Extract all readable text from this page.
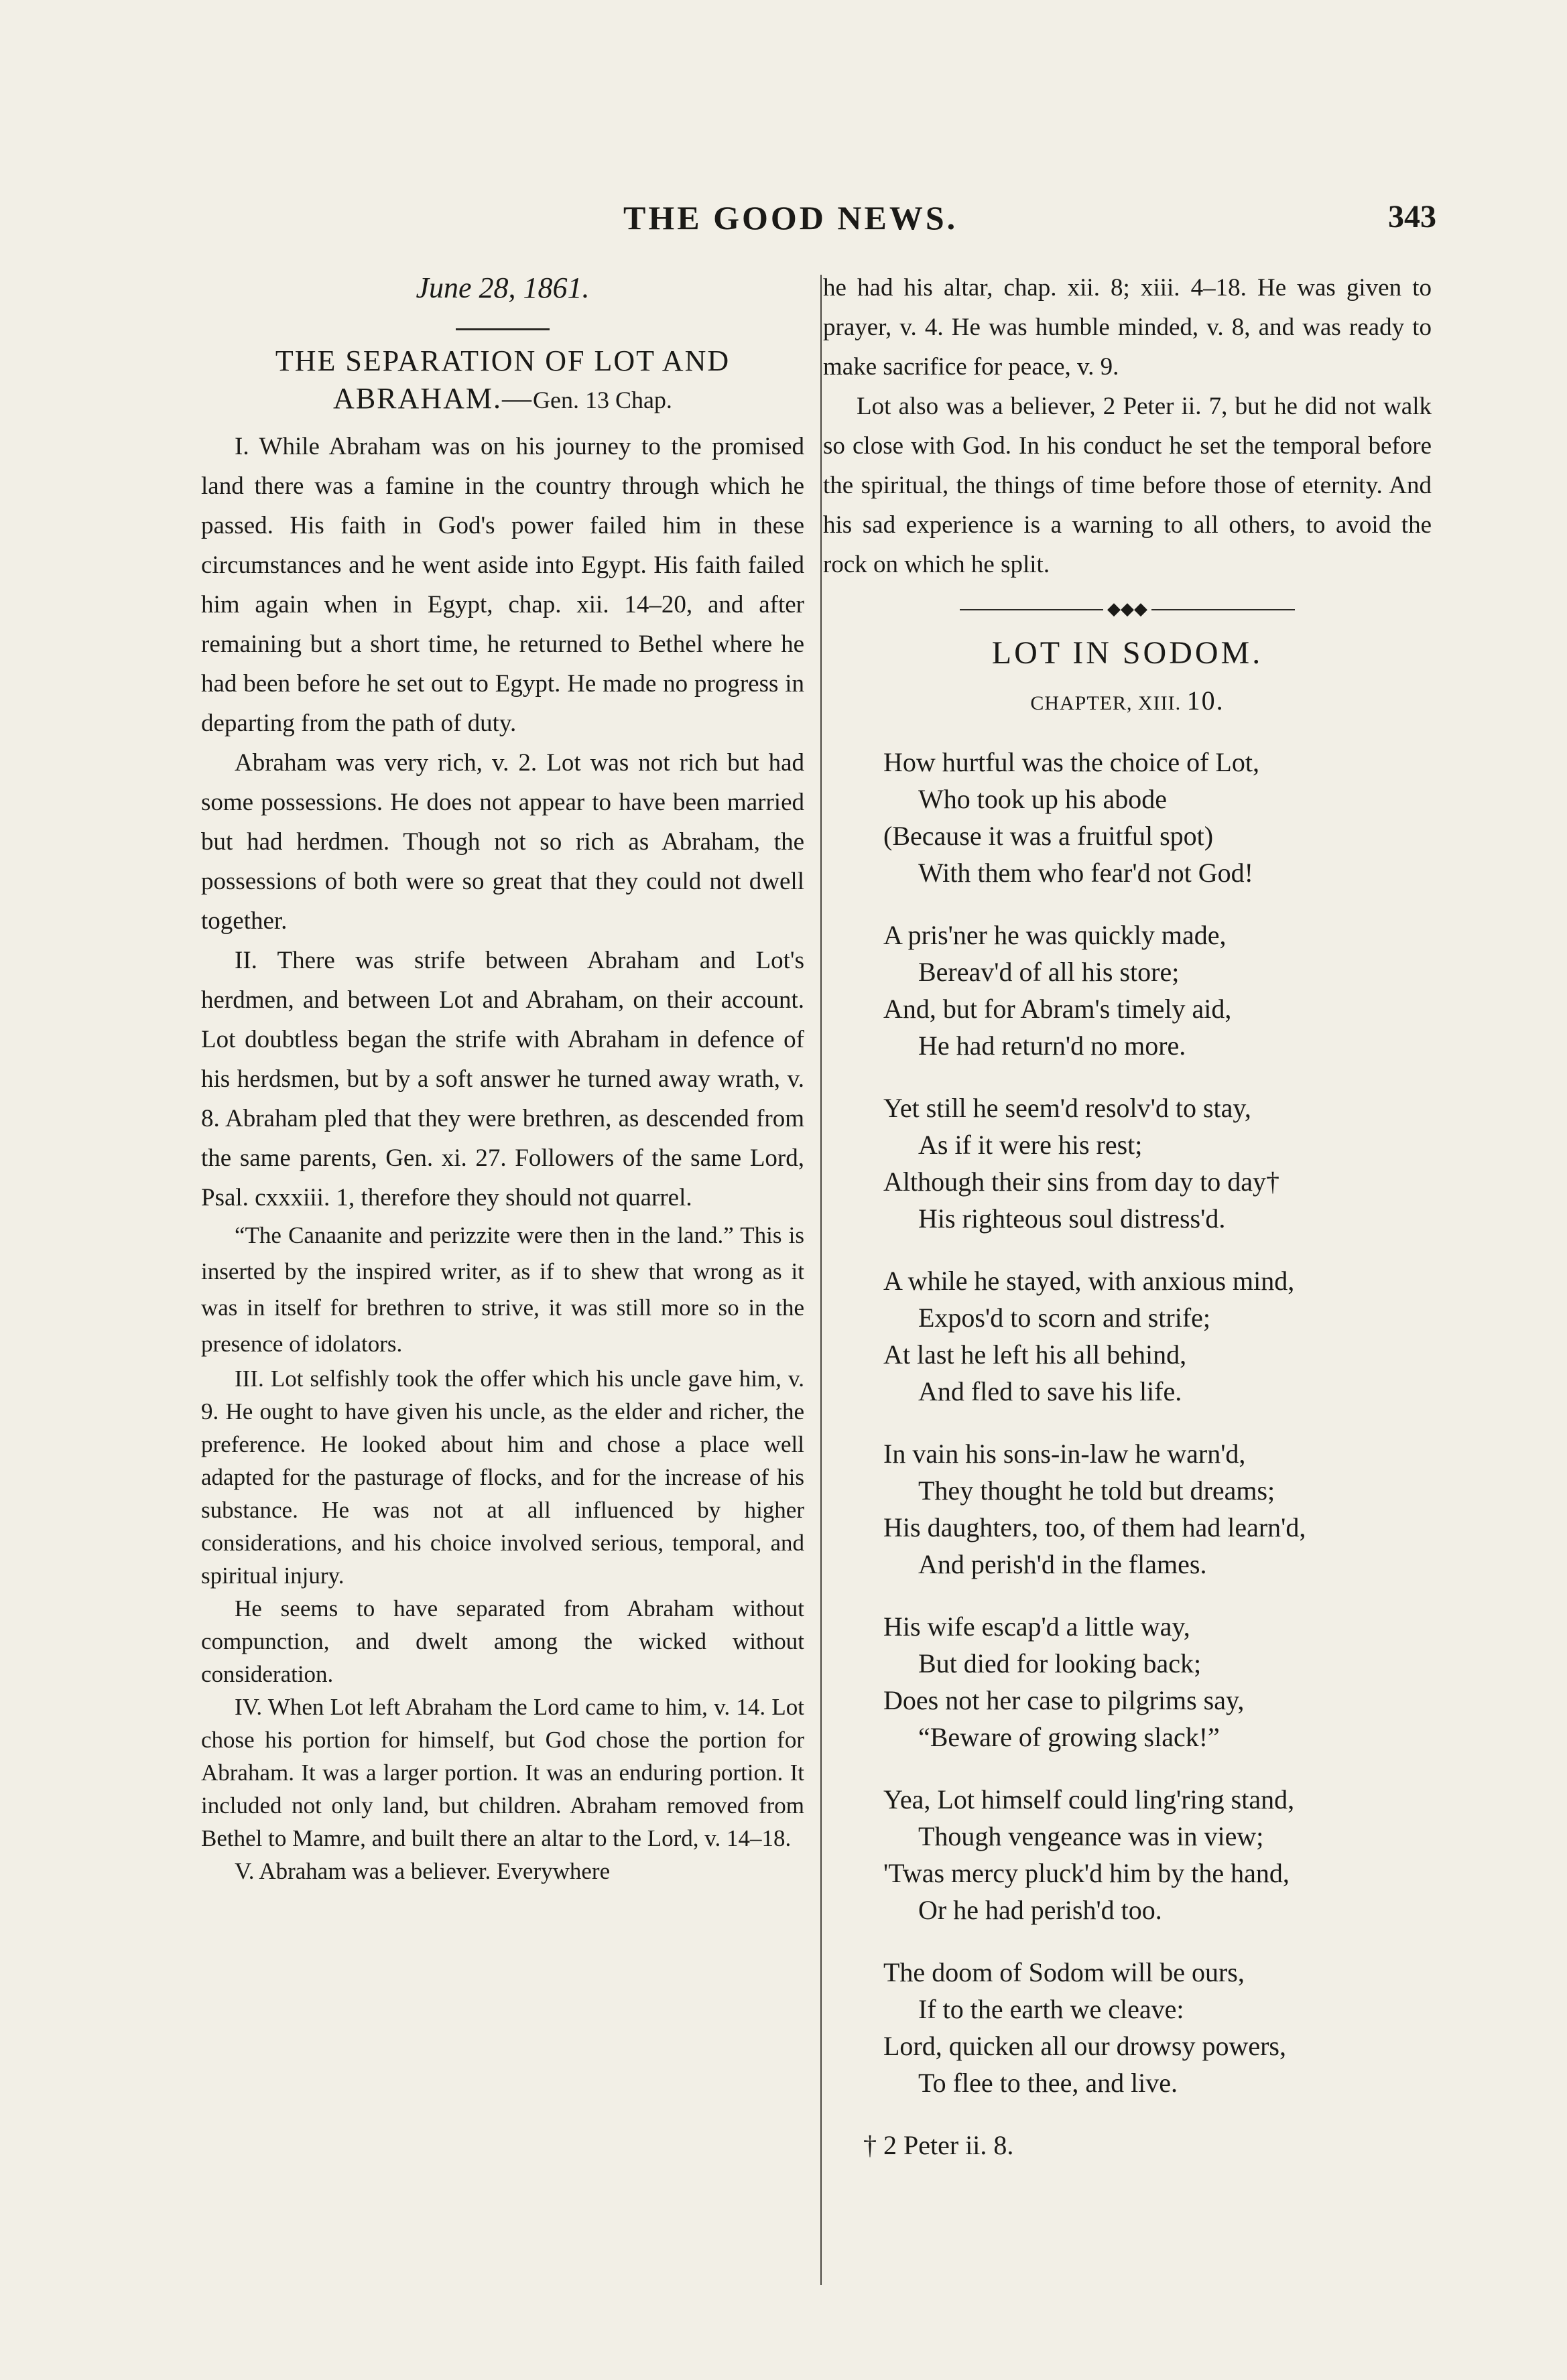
THE GOOD NEWS.	343
June 28, 1861.
THE SEPARATION OF LOT AND ABRAHAM.—Gen. 13 Chap.

I. While Abraham was on his journey to the promised land there was a famine in the country through which he passed. His faith in God's power failed him in these circumstances and he went aside into Egypt. His faith failed him again when in Egypt, chap. xii. 14–20, and after remaining but a short time, he returned to Bethel where he had been before he set out to Egypt. He made no progress in departing from the path of duty.

Abraham was very rich, v. 2. Lot was not rich but had some possessions. He does not appear to have been married but had herdmen. Though not so rich as Abraham, the possessions of both were so great that they could not dwell together.

II. There was strife between Abraham and Lot's herdmen, and between Lot and Abraham, on their account. Lot doubtless began the strife with Abraham in defence of his herdsmen, but by a soft answer he turned away wrath, v. 8. Abraham pled that they were brethren, as descended from the same parents, Gen. xi. 27. Followers of the same Lord, Psal. cxxxiii. 1, therefore they should not quarrel.

“The Canaanite and perizzite were then in the land.” This is inserted by the inspired writer, as if to shew that wrong as it was in itself for brethren to strive, it was still more so in the presence of idolators.

III. Lot selfishly took the offer which his uncle gave him, v. 9. He ought to have given his uncle, as the elder and richer, the preference. He looked about him and chose a place well adapted for the pasturage of flocks, and for the increase of his substance. He was not at all influenced by higher considerations, and his choice involved serious, temporal, and spiritual injury.

He seems to have separated from Abraham without compunction, and dwelt among the wicked without consideration.

IV. When Lot left Abraham the Lord came to him, v. 14. Lot chose his portion for himself, but God chose the portion for Abraham. It was a larger portion. It was an enduring portion. It included not only land, but children. Abraham removed from Bethel to Mamre, and built there an altar to the Lord, v. 14–18.

V. Abraham was a believer. Everywhere

he had his altar, chap. xii. 8; xiii. 4–18. He was given to prayer, v. 4. He was humble minded, v. 8, and was ready to make sacrifice for peace, v. 9.

Lot also was a believer, 2 Peter ii. 7, but he did not walk so close with God. In his conduct he set the temporal before the spiritual, the things of time before those of eternity. And his sad experience is a warning to all others, to avoid the rock on which he split.

◆◆◆
LOT IN SODOM.
CHAPTER, XIII. 10.
How hurtful was the choice of Lot,
Who took up his abode
(Because it was a fruitful spot)
With them who fear'd not God!
A pris'ner he was quickly made,
Bereav'd of all his store;
And, but for Abram's timely aid,
He had return'd no more.
Yet still he seem'd resolv'd to stay,
As if it were his rest;
Although their sins from day to day†
His righteous soul distress'd.
A while he stayed, with anxious mind,
Expos'd to scorn and strife;
At last he left his all behind,
And fled to save his life.
In vain his sons-in-law he warn'd,
They thought he told but dreams;
His daughters, too, of them had learn'd,
And perish'd in the flames.
His wife escap'd a little way,
But died for looking back;
Does not her case to pilgrims say,
“Beware of growing slack!”
Yea, Lot himself could ling'ring stand,
Though vengeance was in view;
'Twas mercy pluck'd him by the hand,
Or he had perish'd too.
The doom of Sodom will be ours,
If to the earth we cleave:
Lord, quicken all our drowsy powers,
To flee to thee, and live.
† 2 Peter ii. 8.
